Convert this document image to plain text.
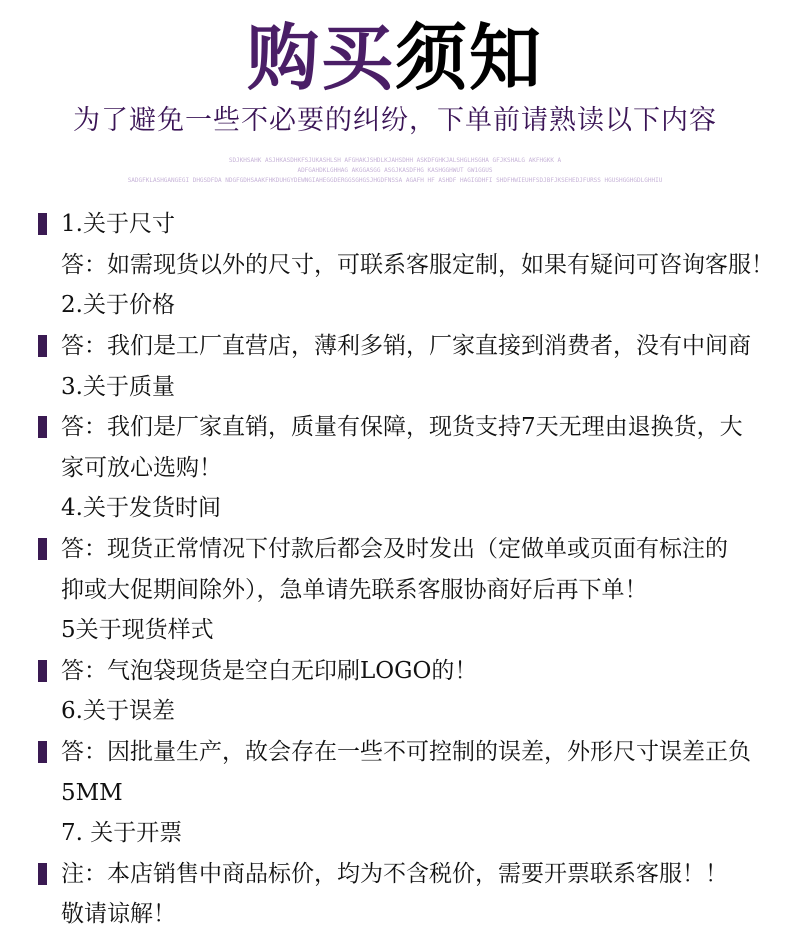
购买须知
为了避免一些不必要的纠纷，下单前请熟读以下内容
SDJKHSAHK ASJHKASDHKFSJUKASHLSH AFGHAKJSHDLKJAHSDHH ASKDFGHKJALSHGLHSGHA GFJKSHALG AKFHGKK A
ADFGAHDKLGHHAG AKGGASGG ASGJKASDFHG KASHGGHWUT GW1GGUS
SADGFKLASHGANGEGI DHGSDFDA NDGFGDHSAAKFHKDUHGYDEWNGIAHEGGDERGGSGHGSJHGDFNSSA AGAFH HF ASHDF HAGIGDHFI SHDFHWIEUHFSDJBFJKSEHEDJFURSS HGUSHGGHGDLGHHIU
1.关于尺寸
答：如需现货以外的尺寸，可联系客服定制，如果有疑问可咨询客服！
2.关于价格
答：我们是工厂直营店，薄利多销，厂家直接到消费者，没有中间商
3.关于质量
答：我们是厂家直销，质量有保障，现货支持7天无理由退换货，大
家可放心选购！
4.关于发货时间
答：现货正常情况下付款后都会及时发出（定做单或页面有标注的
抑或大促期间除外），急单请先联系客服协商好后再下单！
5关于现货样式
答：气泡袋现货是空白无印刷LOGO的！
6.关于误差
答：因批量生产，故会存在一些不可控制的误差，外形尺寸误差正负
5MM
7. 关于开票
注：本店销售中商品标价，均为不含税价，需要开票联系客服！！
敬请谅解！
